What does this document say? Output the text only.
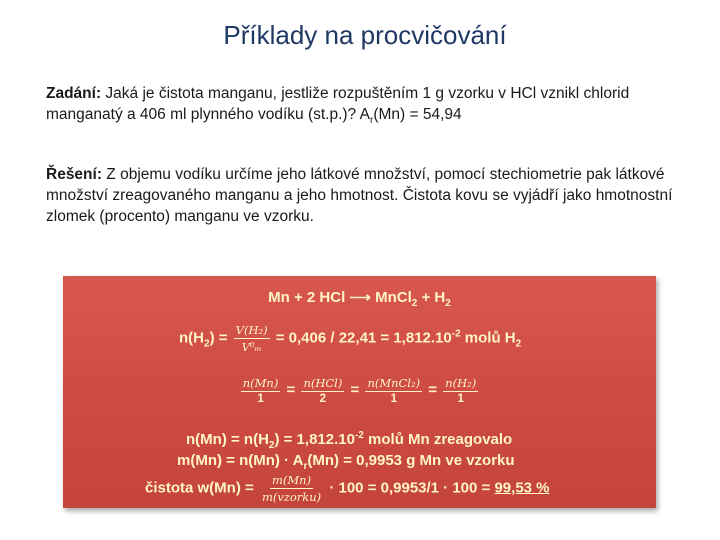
Příklady na procvičování
Zadání: Jaká je čistota manganu, jestliže rozpuštěním 1 g vzorku v HCl vznikl chlorid manganatý a 406 ml plynného vodíku (st.p.)? $A_r(Mn) = 54,94$
Řešení: Z objemu vodíku určíme jeho látkové množství, pomocí stechiometrie pak látkové množství zreagovaného manganu a jeho hmotnost. Čistota kovu se vyjádří jako hmotnostní zlomek (procento) manganu ve vzorku.
Mn + 2 HCl ⟶ MnCl$_2$ + $H_2$
$n(H_2) = \frac{\text{V(H₂)}}{\text{V⁰ₘ}} = 0,406 / 22,41 = 1,812.10^{-2}$ molů $H_2$
$\frac{n(Mn)}{1} = \frac{\text{n(HCl)}}{2} = \frac{\text{n(MnCl₂)}}{1} = \frac{\text{n(H₂)}}{1}$
$n(Mn) = n(H_2) = 1,812.10^{-2}$ molů Mn zreagovalo
$m(Mn) = n(Mn) \cdot A_r(Mn) = 0,9953$ g Mn ve vzorku
čistota $w(Mn) = \frac{m(Mn)}{\text{m(vzorku)}} \cdot 100 = 0,9953/1 \cdot 100 = 99,53$ %
